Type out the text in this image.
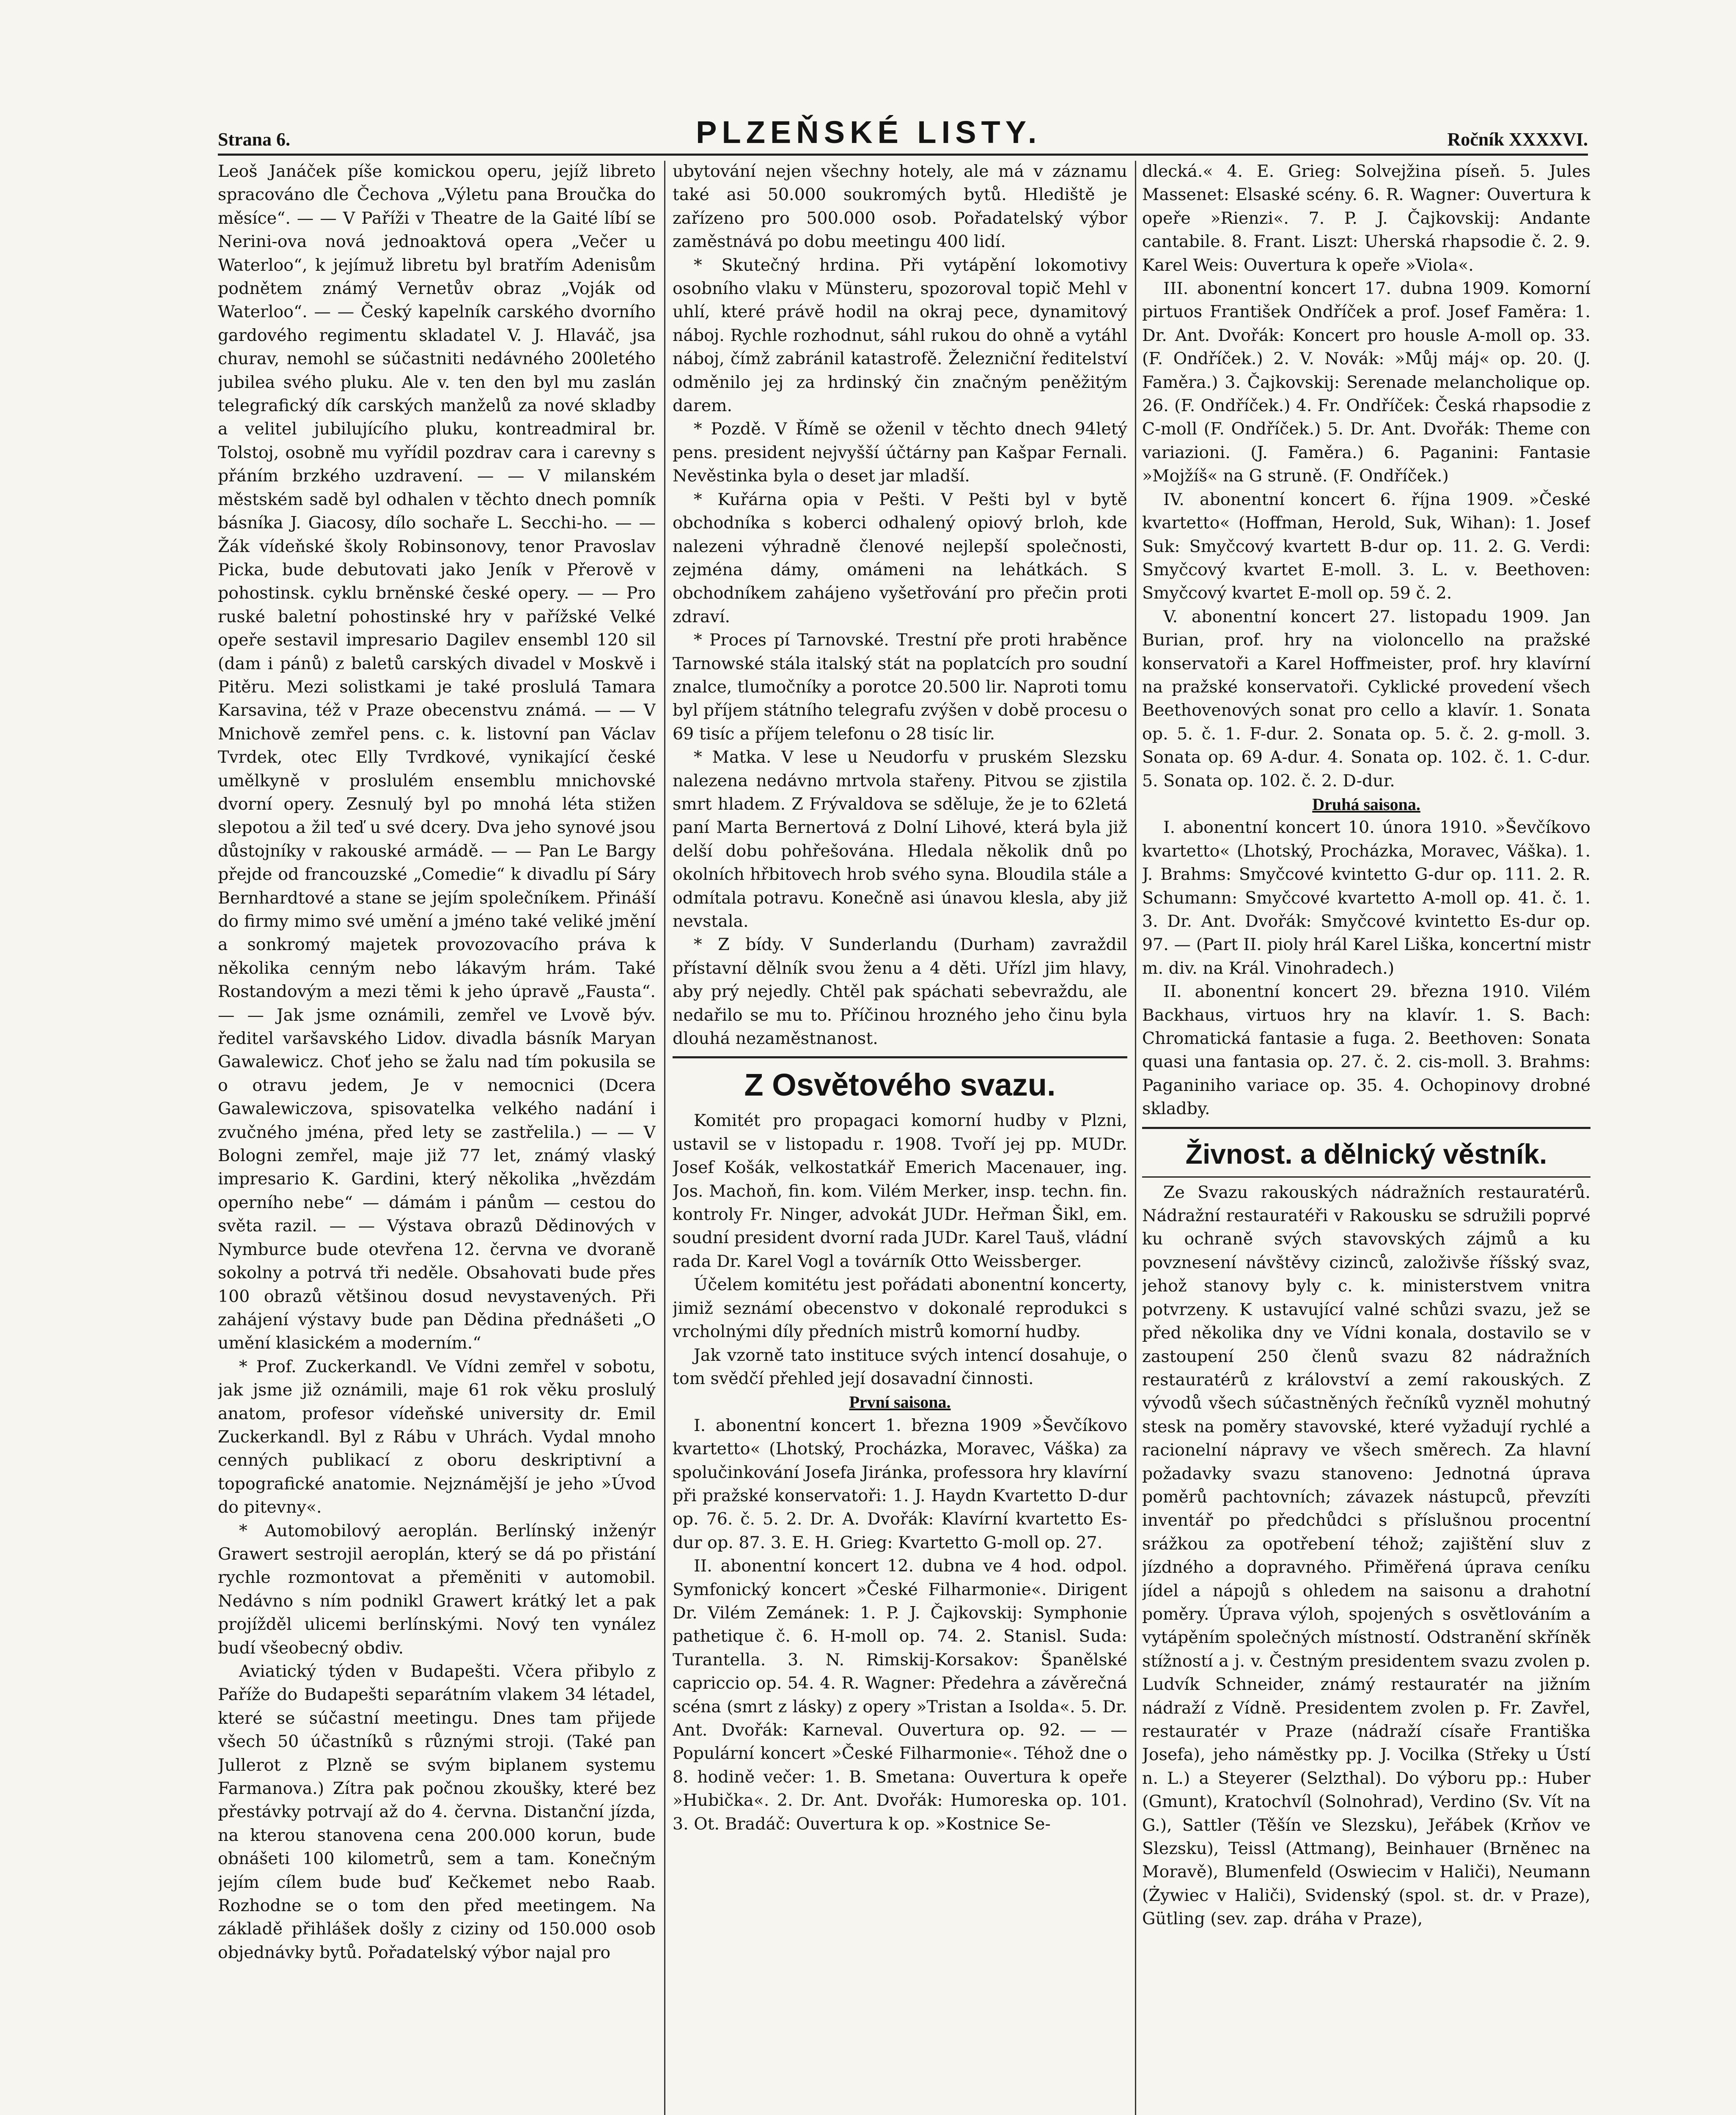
Strana 6.	PLZEŇSKÉ LISTY.	Ročník XXXXVI.

Leoš Janáček píše komickou operu, jejíž libreto spracováno dle Čechova „Výletu pana Broučka do měsíce“. — — V Paříži v Theatre de la Gaité líbí se Nerini-ova nová jednoaktová opera „Večer u Waterloo“, k jejímuž libretu byl bratřím Adenisům podnětem známý Vernetův obraz „Voják od Waterloo“. — — Český kapelník carského dvorního gardového regimentu skladatel V. J. Hlaváč, jsa churav, nemohl se súčastniti nedávného 200letého jubilea svého pluku. Ale v. ten den byl mu zaslán telegrafický dík carských manželů za nové skladby a velitel jubilujícího pluku, kontreadmiral br. Tolstoj, osobně mu vyřídil pozdrav cara i carevny s přáním brzkého uzdravení. — — V milanském městském sadě byl odhalen v těchto dnech pomník básníka J. Giacosy, dílo sochaře L. Secchi-ho. — — Žák vídeňské školy Robinsonovy, tenor Pravoslav Picka, bude debutovati jako Jeník v Přerově v pohostinsk. cyklu brněnské české opery. — — Pro ruské baletní pohostinské hry v pařížské Velké opeře sestavil impresario Dagilev ensembl 120 sil (dam i pánů) z baletů carských divadel v Moskvě i Pitěru. Mezi solistkami je také proslulá Tamara Karsavina, též v Praze obecenstvu známá. — — V Mnichově zemřel pens. c. k. listovní pan Václav Tvrdek, otec Elly Tvrdkové, vynikající české umělkyně v proslulém ensemblu mnichovské dvorní opery. Zesnulý byl po mnohá léta stižen slepotou a žil teď u své dcery. Dva jeho synové jsou důstojníky v rakouské armádě. — — Pan Le Bargy přejde od francouzské „Comedie“ k divadlu pí Sáry Bernhardtové a stane se jejím společníkem. Přináší do firmy mimo své umění a jméno také veliké jmění a sonkromý majetek provozovacího práva k několika cenným nebo lákavým hrám. Také Rostandovým a mezi těmi k jeho úpravě „Fausta“. — — Jak jsme oznámili, zemřel ve Lvově býv. ředitel varšavského Lidov. divadla básník Maryan Gawalewicz. Choť jeho se žalu nad tím pokusila se o otravu jedem, Je v nemocnici (Dcera Gawalewiczova, spisovatelka velkého nadání i zvučného jména, před lety se zastřelila.) — — V Bologni zemřel, maje již 77 let, známý vlaský impresario K. Gardini, který několika „hvězdám operního nebe“ — dámám i pánům — cestou do světa razil. — — Výstava obrazů Dědinových v Nymburce bude otevřena 12. června ve dvoraně sokolny a potrvá tři neděle. Obsahovati bude přes 100 obrazů většinou dosud nevystavených. Při zahájení výstavy bude pan Dědina přednášeti „O umění klasickém a moderním.“

* Prof. Zuckerkandl. Ve Vídni zemřel v sobotu, jak jsme již oznámili, maje 61 rok věku proslulý anatom, profesor vídeňské university dr. Emil Zuckerkandl. Byl z Rábu v Uhrách. Vydal mnoho cenných publikací z oboru deskriptivní a topografické anatomie. Nejznámější je jeho »Úvod do pitevny«.

* Automobilový aeroplán. Berlínský inženýr Grawert sestrojil aeroplán, který se dá po přistání rychle rozmontovat a přeměniti v automobil. Nedávno s ním podnikl Grawert krátký let a pak projížděl ulicemi berlínskými. Nový ten vynález budí všeobecný obdiv.

Aviatický týden v Budapešti. Včera přibylo z Paříže do Budapešti separátním vlakem 34 létadel, které se súčastní meetingu. Dnes tam přijede všech 50 účastníků s různými stroji. (Také pan Jullerot z Plzně se svým biplanem systemu Farmanova.) Zítra pak počnou zkoušky, které bez přestávky potrvají až do 4. června. Distanční jízda, na kterou stanovena cena 200.000 korun, bude obnášeti 100 kilometrů, sem a tam. Konečným jejím cílem bude buď Kečkemet nebo Raab. Rozhodne se o tom den před meetingem. Na základě přihlášek došly z ciziny od 150.000 osob objednávky bytů. Pořadatelský výbor najal pro

ubytování nejen všechny hotely, ale má v záznamu také asi 50.000 soukromých bytů. Hlediště je zařízeno pro 500.000 osob. Pořadatelský výbor zaměstnává po dobu meetingu 400 lidí.

* Skutečný hrdina. Při vytápění lokomotivy osobního vlaku v Münsteru, spozoroval topič Mehl v uhlí, které právě hodil na okraj pece, dynamitový náboj. Rychle rozhodnut, sáhl rukou do ohně a vytáhl náboj, čímž zabránil katastrofě. Železniční ředitelství odměnilo jej za hrdinský čin značným peněžitým darem.

* Pozdě. V Římě se oženil v těchto dnech 94letý pens. president nejvyšší účtárny pan Kašpar Fernali. Nevěstinka byla o deset jar mladší.

* Kuřárna opia v Pešti. V Pešti byl v bytě obchodníka s koberci odhalený opiový brloh, kde nalezeni výhradně členové nejlepší společnosti, zejména dámy, omámeni na lehátkách. S obchodníkem zahájeno vyšetřování pro přečin proti zdraví.

* Proces pí Tarnovské. Trestní pře proti hraběnce Tarnowské stála italský stát na poplatcích pro soudní znalce, tlumočníky a porotce 20.500 lir. Naproti tomu byl příjem státního telegrafu zvýšen v době procesu o 69 tisíc a příjem telefonu o 28 tisíc lir.

* Matka. V lese u Neudorfu v pruském Slezsku nalezena nedávno mrtvola stařeny. Pitvou se zjistila smrt hladem. Z Frývaldova se sděluje, že je to 62letá paní Marta Bernertová z Dolní Lihové, která byla již delší dobu pohřešována. Hledala několik dnů po okolních hřbitovech hrob svého syna. Bloudila stále a odmítala potravu. Konečně asi únavou klesla, aby již nevstala.

* Z bídy. V Sunderlandu (Durham) zavraždil přístavní dělník svou ženu a 4 děti. Uřízl jim hlavy, aby prý nejedly. Chtěl pak spáchati sebevraždu, ale nedařilo se mu to. Příčinou hrozného jeho činu byla dlouhá nezaměstnanost.

Z Osvětového svazu.

Komitét pro propagaci komorní hudby v Plzni, ustavil se v listopadu r. 1908. Tvoří jej pp. MUDr. Josef Košák, velkostatkář Emerich Macenauer, ing. Jos. Machoň, fin. kom. Vilém Merker, insp. techn. fin. kontroly Fr. Ninger, advokát JUDr. Heřman Šikl, em. soudní president dvorní rada JUDr. Karel Tauš, vládní rada Dr. Karel Vogl a továrník Otto Weissberger.

Účelem komitétu jest pořádati abonentní koncerty, jimiž seznámí obecenstvo v dokonalé reprodukci s vrcholnými díly předních mistrů komorní hudby.

Jak vzorně tato instituce svých intencí dosahuje, o tom svědčí přehled její dosavadní činnosti.

První saisona.

I. abonentní koncert 1. března 1909 »Ševčíkovo kvartetto« (Lhotský, Procházka, Moravec, Váška) za spolučinkování Josefa Jiránka, professora hry klavírní při pražské konservatoři: 1. J. Haydn Kvartetto D-dur op. 76. č. 5. 2. Dr. A. Dvořák: Klavírní kvartetto Es-dur op. 87. 3. E. H. Grieg: Kvartetto G-moll op. 27.

II. abonentní koncert 12. dubna ve 4 hod. odpol. Symfonický koncert »České Filharmonie«. Dirigent Dr. Vilém Zemánek: 1. P. J. Čajkovskij: Symphonie pathetique č. 6. H-moll op. 74. 2. Stanisl. Suda: Turantella. 3. N. Rimskij-Korsakov: Španělské capriccio op. 54. 4. R. Wagner: Předehra a závěrečná scéna (smrt z lásky) z opery »Tristan a Isolda«. 5. Dr. Ant. Dvořák: Karneval. Ouvertura op. 92. — — Populární koncert »České Filharmonie«. Téhož dne o 8. hodině večer: 1. B. Smetana: Ouvertura k opeře »Hubička«. 2. Dr. Ant. Dvořák: Humoreska op. 101. 3. Ot. Bradáč: Ouvertura k op. »Kostnice Se-

dlecká.« 4. E. Grieg: Solvejžina píseň. 5. Jules Massenet: Elsaské scény. 6. R. Wagner: Ouvertura k opeře »Rienzi«. 7. P. J. Čajkovskij: Andante cantabile. 8. Frant. Liszt: Uherská rhapsodie č. 2. 9. Karel Weis: Ouvertura k opeře »Viola«.

III. abonentní koncert 17. dubna 1909. Komorní pirtuos František Ondříček a prof. Josef Faměra: 1. Dr. Ant. Dvořák: Koncert pro housle A-moll op. 33. (F. Ondříček.) 2. V. Novák: »Můj máj« op. 20. (J. Faměra.) 3. Čajkovskij: Serenade melancholique op. 26. (F. Ondříček.) 4. Fr. Ondříček: Česká rhapsodie z C-moll (F. Ondříček.) 5. Dr. Ant. Dvořák: Theme con variazioni. (J. Faměra.) 6. Paganini: Fantasie »Mojžíš« na G struně. (F. Ondříček.)

IV. abonentní koncert 6. října 1909. »České kvartetto« (Hoffman, Herold, Suk, Wihan): 1. Josef Suk: Smyčcový kvartett B-dur op. 11. 2. G. Verdi: Smyčcový kvartet E-moll. 3. L. v. Beethoven: Smyčcový kvartet E-moll op. 59 č. 2.

V. abonentní koncert 27. listopadu 1909. Jan Burian, prof. hry na violoncello na pražské konservatoři a Karel Hoffmeister, prof. hry klavírní na pražské konservatoři. Cyklické provedení všech Beethovenových sonat pro cello a klavír. 1. Sonata op. 5. č. 1. F-dur. 2. Sonata op. 5. č. 2. g-moll. 3. Sonata op. 69 A-dur. 4. Sonata op. 102. č. 1. C-dur. 5. Sonata op. 102. č. 2. D-dur.

Druhá saisona.

I. abonentní koncert 10. února 1910. »Ševčíkovo kvartetto« (Lhotský, Procházka, Moravec, Váška). 1. J. Brahms: Smyčcové kvintetto G-dur op. 111. 2. R. Schumann: Smyčcové kvartetto A-moll op. 41. č. 1. 3. Dr. Ant. Dvořák: Smyčcové kvintetto Es-dur op. 97. — (Part II. pioly hrál Karel Liška, koncertní mistr m. div. na Král. Vinohradech.)

II. abonentní koncert 29. března 1910. Vilém Backhaus, virtuos hry na klavír. 1. S. Bach: Chromatická fantasie a fuga. 2. Beethoven: Sonata quasi una fantasia op. 27. č. 2. cis-moll. 3. Brahms: Paganiniho variace op. 35. 4. Ochopinovy drobné skladby.

Živnost. a dělnický věstník.

Ze Svazu rakouských nádražních restauratérů. Nádražní restauratéři v Rakousku se sdružili poprvé ku ochraně svých stavovských zájmů a ku povznesení návštěvy cizinců, založivše říšský svaz, jehož stanovy byly c. k. ministerstvem vnitra potvrzeny. K ustavující valné schůzi svazu, jež se před několika dny ve Vídni konala, dostavilo se v zastoupení 250 členů svazu 82 nádražních restauratérů z království a zemí rakouských. Z vývodů všech súčastněných řečníků vyzněl mohutný stesk na poměry stavovské, které vyžadují rychlé a racionelní nápravy ve všech směrech. Za hlavní požadavky svazu stanoveno: Jednotná úprava poměrů pachtovních; závazek nástupců, převzíti inventář po předchůdci s příslušnou procentní srážkou za opotřebení téhož; zajištění sluv z jízdného a dopravného. Přiměřená úprava ceníku jídel a nápojů s ohledem na saisonu a drahotní poměry. Úprava výloh, spojených s osvětlováním a vytápěním společných místností. Odstranění skříněk stížností a j. v. Čestným presidentem svazu zvolen p. Ludvík Schneider, známý restauratér na jižním nádraží z Vídně. Presidentem zvolen p. Fr. Zavřel, restauratér v Praze (nádraží císaře Františka Josefa), jeho náměstky pp. J. Vocilka (Střeky u Ústí n. L.) a Steyerer (Selzthal). Do výboru pp.: Huber (Gmunt), Kratochvíl (Solnohrad), Verdino (Sv. Vít na G.), Sattler (Těšín ve Slezsku), Jeřábek (Krňov ve Slezsku), Teissl (Attmang), Beinhauer (Brněnec na Moravě), Blumenfeld (Oswiecim v Haliči), Neumann (Żywiec v Haliči), Svidenský (spol. st. dr. v Praze), Gütling (sev. zap. dráha v Praze),
